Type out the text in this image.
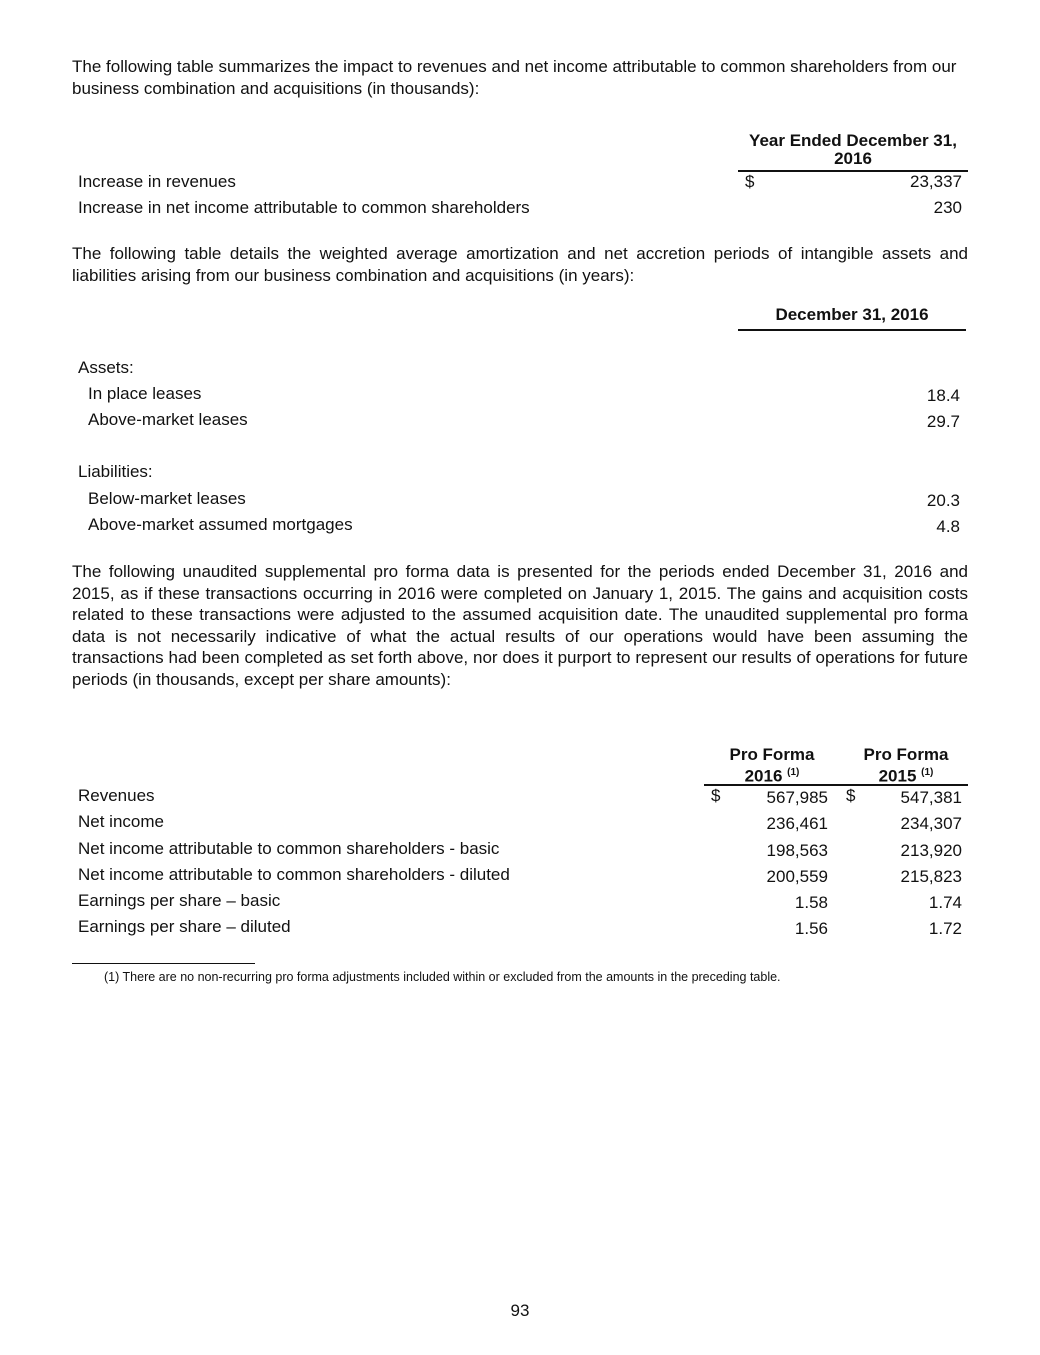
The following table summarizes the impact to revenues and net income attributable to common shareholders from our business combination and acquisitions (in thousands):

Year Ended December 31,
2016
Increase in revenues	$	23,337
Increase in net income attributable to common shareholders	230

The following table details the weighted average amortization and net accretion periods of intangible assets and liabilities arising from our business combination and acquisitions (in years):

December 31, 2016
Assets:
In place leases	18.4
Above-market leases	29.7
Liabilities:
Below-market leases	20.3
Above-market assumed mortgages	4.8

The following unaudited supplemental pro forma data is presented for the periods ended December 31, 2016 and 2015, as if these transactions occurring in 2016 were completed on January 1, 2015. The gains and acquisition costs related to these transactions were adjusted to the assumed acquisition date. The unaudited supplemental pro forma data is not necessarily indicative of what the actual results of our operations would have been assuming the transactions had been completed as set forth above, nor does it purport to represent our results of operations for future periods (in thousands, except per share amounts):

Pro Forma
2016 $^{(1)}$
Pro Forma
2015 $^{(1)}$
Revenues	$	567,985 $	547,381
Net income	236,461	234,307
Net income attributable to common shareholders - basic	198,563	213,920
Net income attributable to common shareholders - diluted	200,559	215,823
Earnings per share – basic	1.58	1.74
Earnings per share – diluted	1.56	1.72
(1) There are no non-recurring pro forma adjustments included within or excluded from the amounts in the preceding table.
93
